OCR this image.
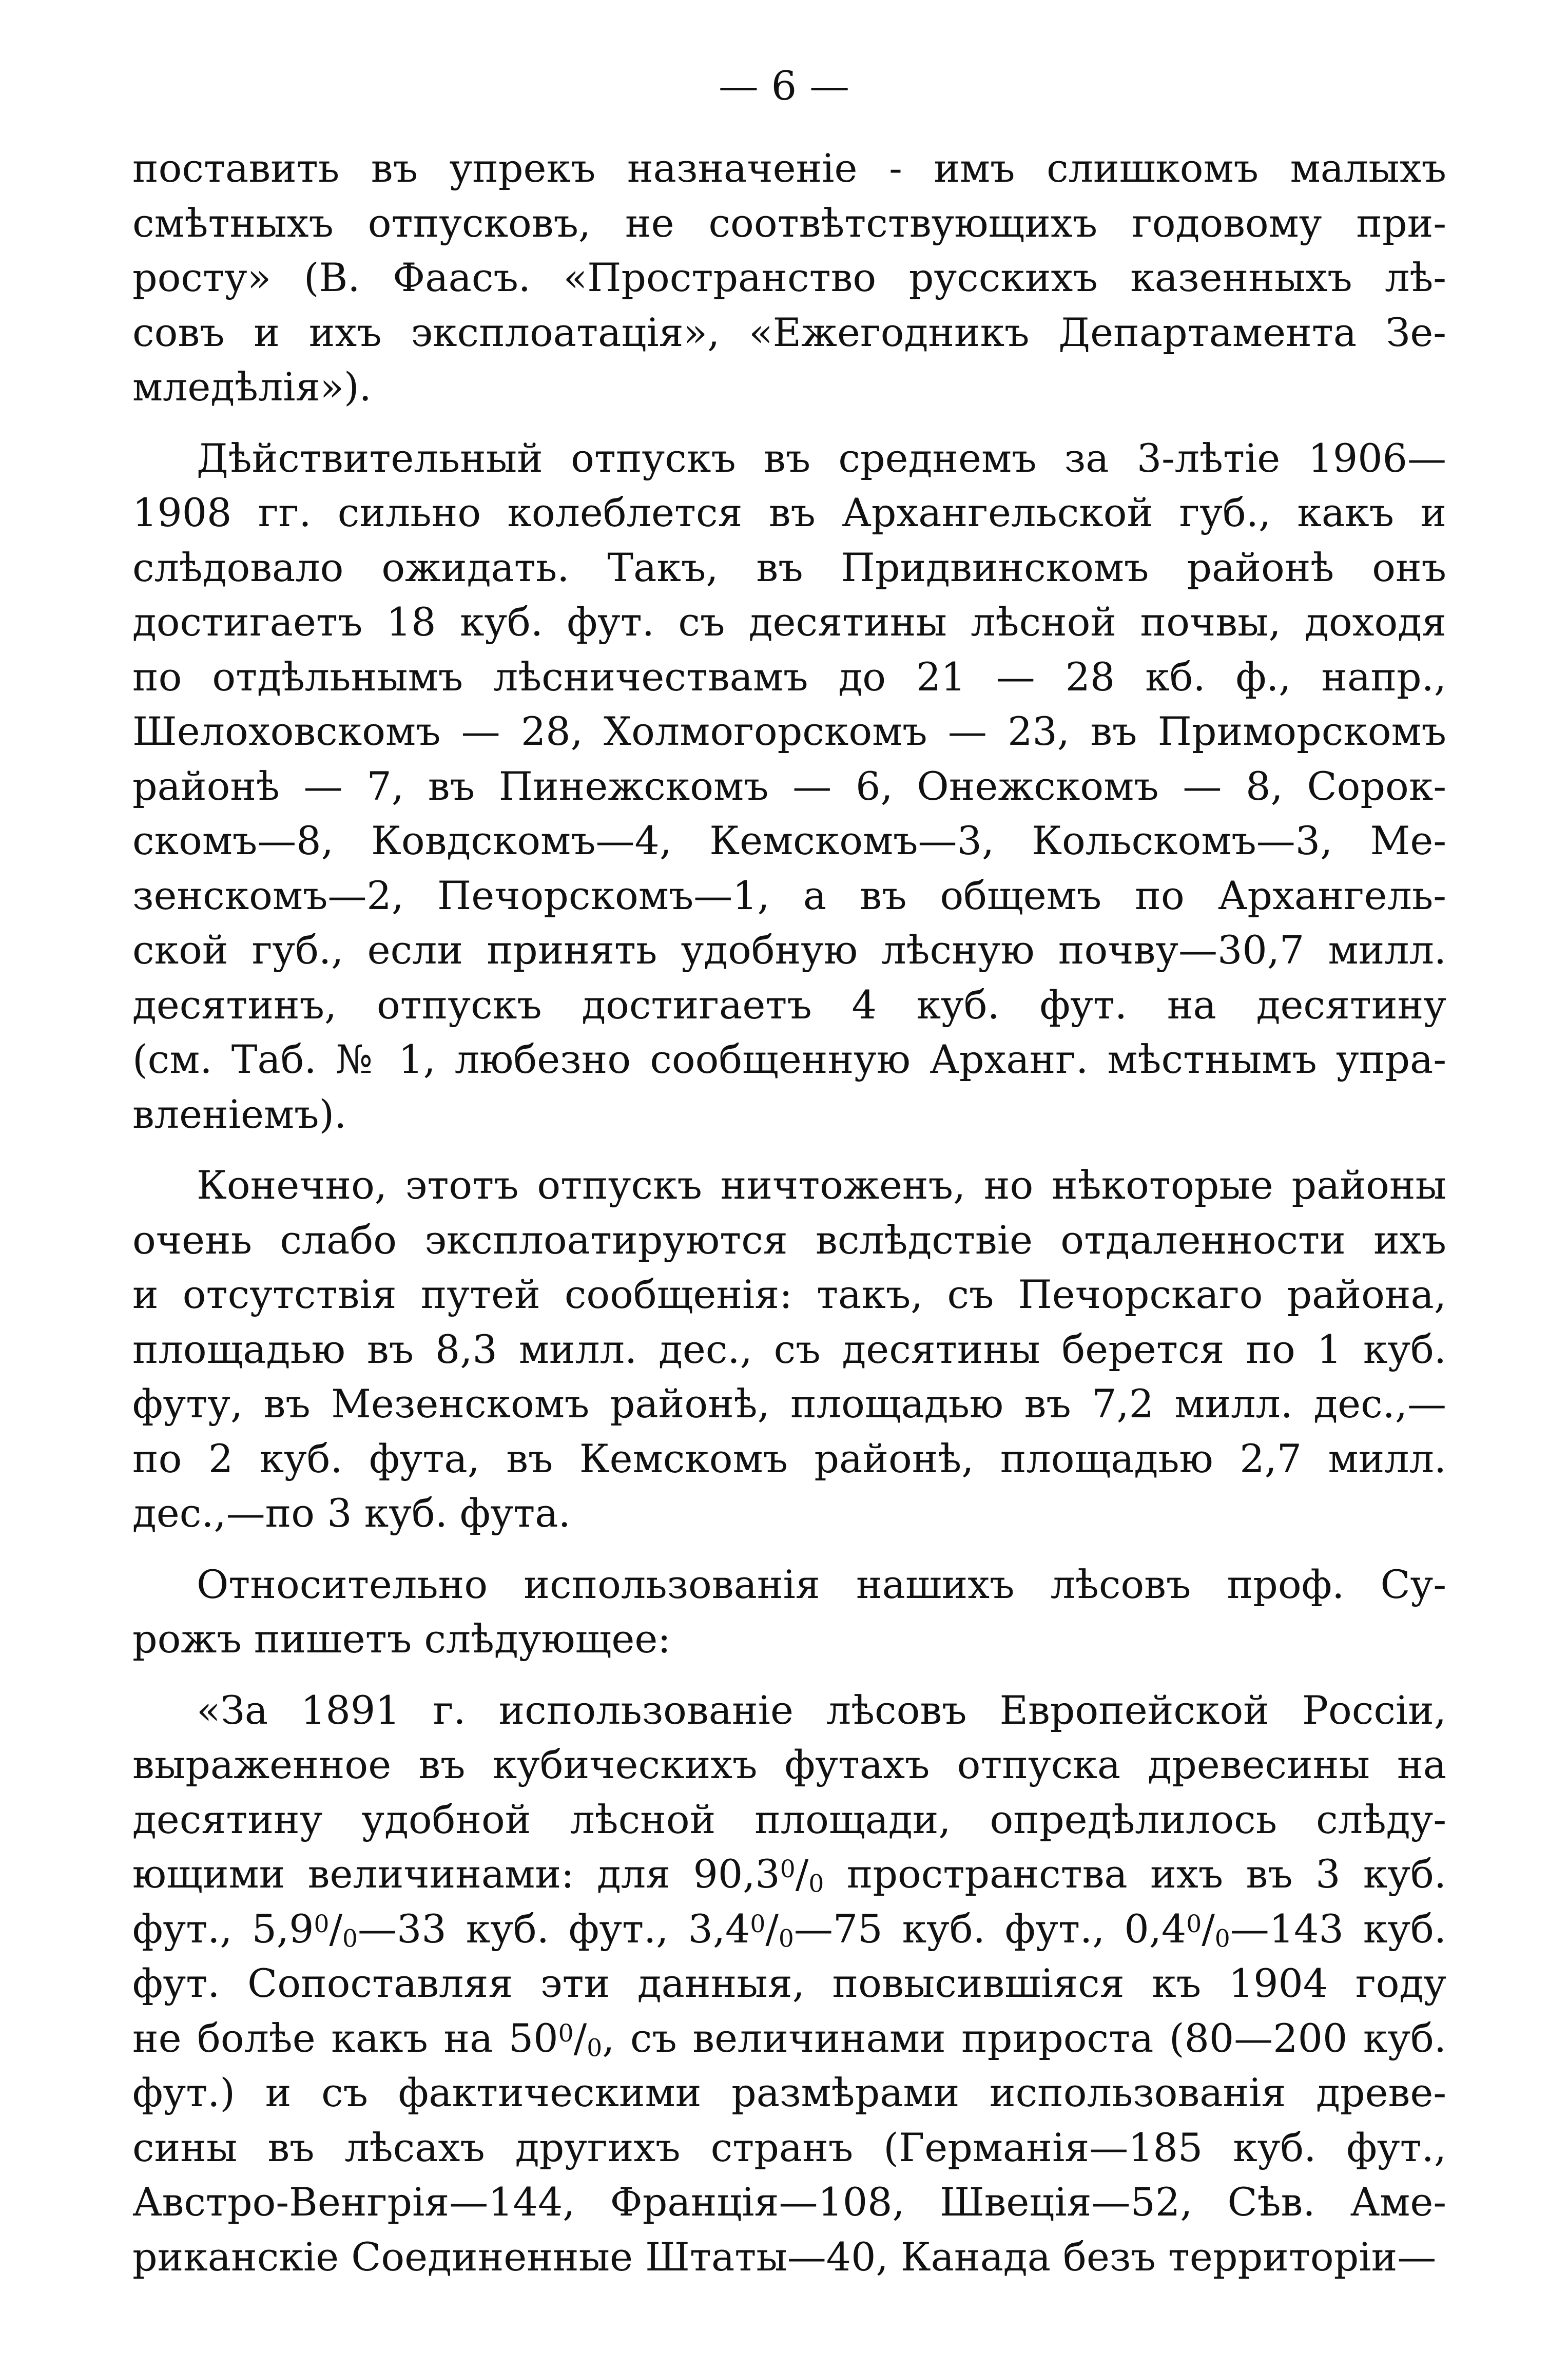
— 6 —
поставить въ упрекъ назначеніе - имъ слишкомъ малыхъ
смѣтныхъ отпусковъ, не соотвѣтствующихъ годовому при-
росту» (В. Фаасъ. «Пространство русскихъ казенныхъ лѣ-
совъ и ихъ эксплоатація», «Ежегодникъ Департамента Зе-
мледѣлія»).
Дѣйствительный отпускъ въ среднемъ за 3-лѣтіе 1906—
1908 гг. сильно колеблется въ Архангельской губ., какъ и
слѣдовало ожидать. Такъ, въ Придвинскомъ районѣ онъ
достигаетъ 18 куб. фут. съ десятины лѣсной почвы, доходя
по отдѣльнымъ лѣсничествамъ до 21 — 28 кб. ф., напр.,
Шелоховскомъ — 28, Холмогорскомъ — 23, въ Приморскомъ
районѣ — 7, въ Пинежскомъ — 6, Онежскомъ — 8, Сорок-
скомъ—8, Ковдскомъ—4, Кемскомъ—3, Кольскомъ—3, Ме-
зенскомъ—2, Печорскомъ—1, а въ общемъ по Архангель-
ской губ., если принять удобную лѣсную почву—30,7 милл.
десятинъ, отпускъ достигаетъ 4 куб. фут. на десятину
(см. Таб. № 1, любезно сообщенную Арханг. мѣстнымъ упра-
вленіемъ).
Конечно, этотъ отпускъ ничтоженъ, но нѣкоторые районы
очень слабо эксплоатируются вслѣдствіе отдаленности ихъ
и отсутствія путей сообщенія: такъ, съ Печорскаго района,
площадью въ 8,3 милл. дес., съ десятины берется по 1 куб.
футу, въ Мезенскомъ районѣ, площадью въ 7,2 милл. дес.,—
по 2 куб. фута, въ Кемскомъ районѣ, площадью 2,7 милл.
дес.,—по 3 куб. фута.
Относительно использованія нашихъ лѣсовъ проф. Су-
рожъ пишетъ слѣдующее:
«За 1891 г. использованіе лѣсовъ Европейской Россіи,
выраженное въ кубическихъ футахъ отпуска древесины на
десятину удобной лѣсной площади, опредѣлилось слѣду-
ющими величинами: для $90,3^0/_0$ пространства ихъ въ 3 куб.
фут., $5,9^0/_0—33$ куб. фут., $3,4^0/_0—75$ куб. фут., $0,4^0/_0—143$ куб.
фут. Сопоставляя эти данныя, повысившіяся къ 1904 году
не болѣе какъ на $50^0/_0$, съ величинами прироста (80—200 куб.
фут.) и съ фактическими размѣрами использованія древе-
сины въ лѣсахъ другихъ странъ (Германія—185 куб. фут.,
Австро-Венгрія—144, Франція—108, Швеція—52, Сѣв. Аме-
риканскіе Соединенные Штаты—40, Канада безъ территоріи—
